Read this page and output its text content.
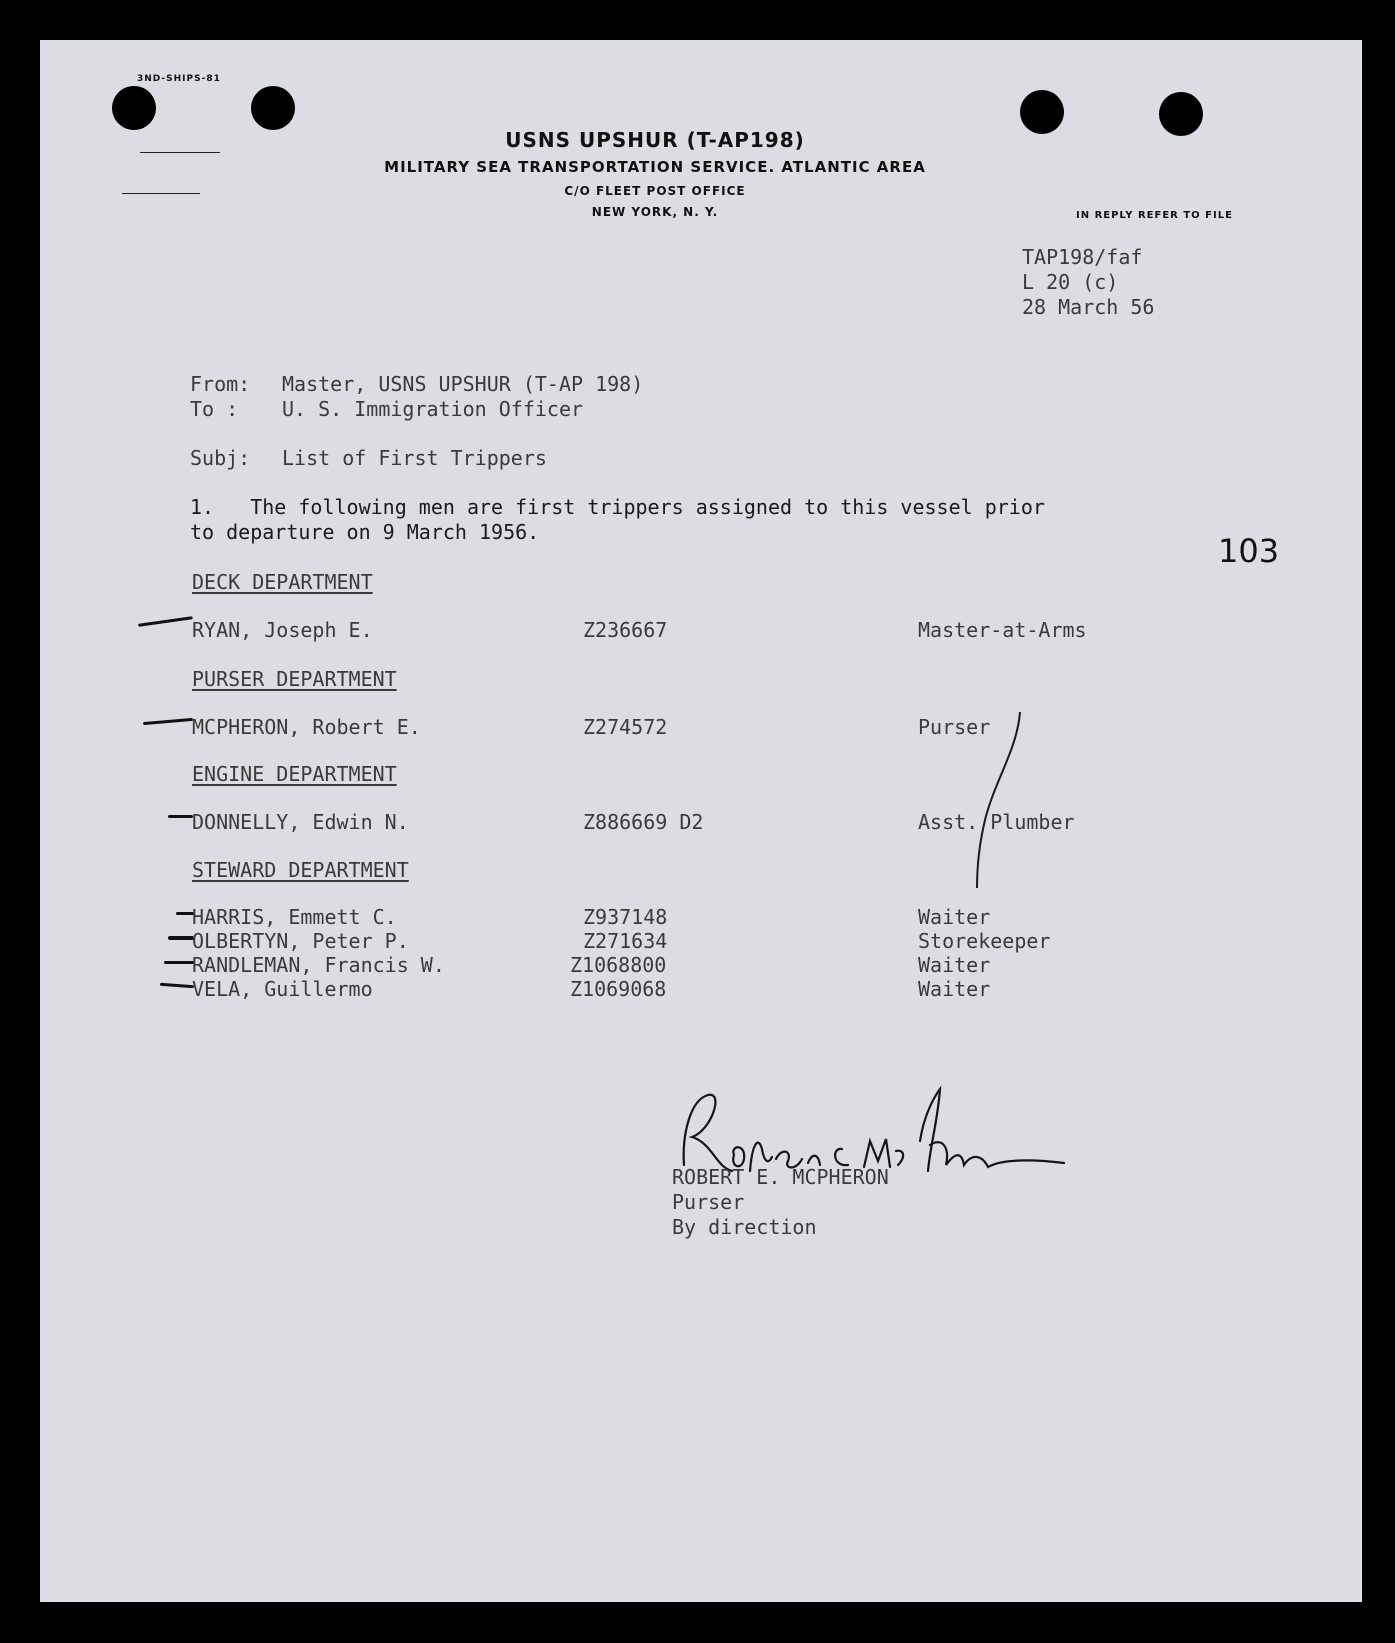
3ND-SHIPS-81
USNS UPSHUR (T-AP198)
MILITARY SEA TRANSPORTATION SERVICE. ATLANTIC AREA
C/O FLEET POST OFFICE
NEW YORK, N. Y.	IN REPLY REFER TO FILE
TAP198/faf
L 20 (c)
28 March 56
From: Master, USNS UPSHUR (T-AP 198)
To : U. S. Immigration Officer
Subj: List of First Trippers
1.   The following men are first trippers assigned to this vessel prior
to departure on 9 March 1956.	103
DECK DEPARTMENT
RYAN, Joseph E.	Z236667	Master-at-Arms
PURSER DEPARTMENT
MCPHERON, Robert E.	Z274572	Purser
ENGINE DEPARTMENT
DONNELLY, Edwin N.	Z886669 D2	Asst. Plumber
STEWARD DEPARTMENT
HARRIS, Emmett C.	Z937148	Waiter
OLBERTYN, Peter P.	Z271634	Storekeeper
RANDLEMAN, Francis W.	Z1068800	Waiter
VELA, Guillermo	Z1069068	Waiter
ROBERT E. MCPHERON
Purser
By direction
